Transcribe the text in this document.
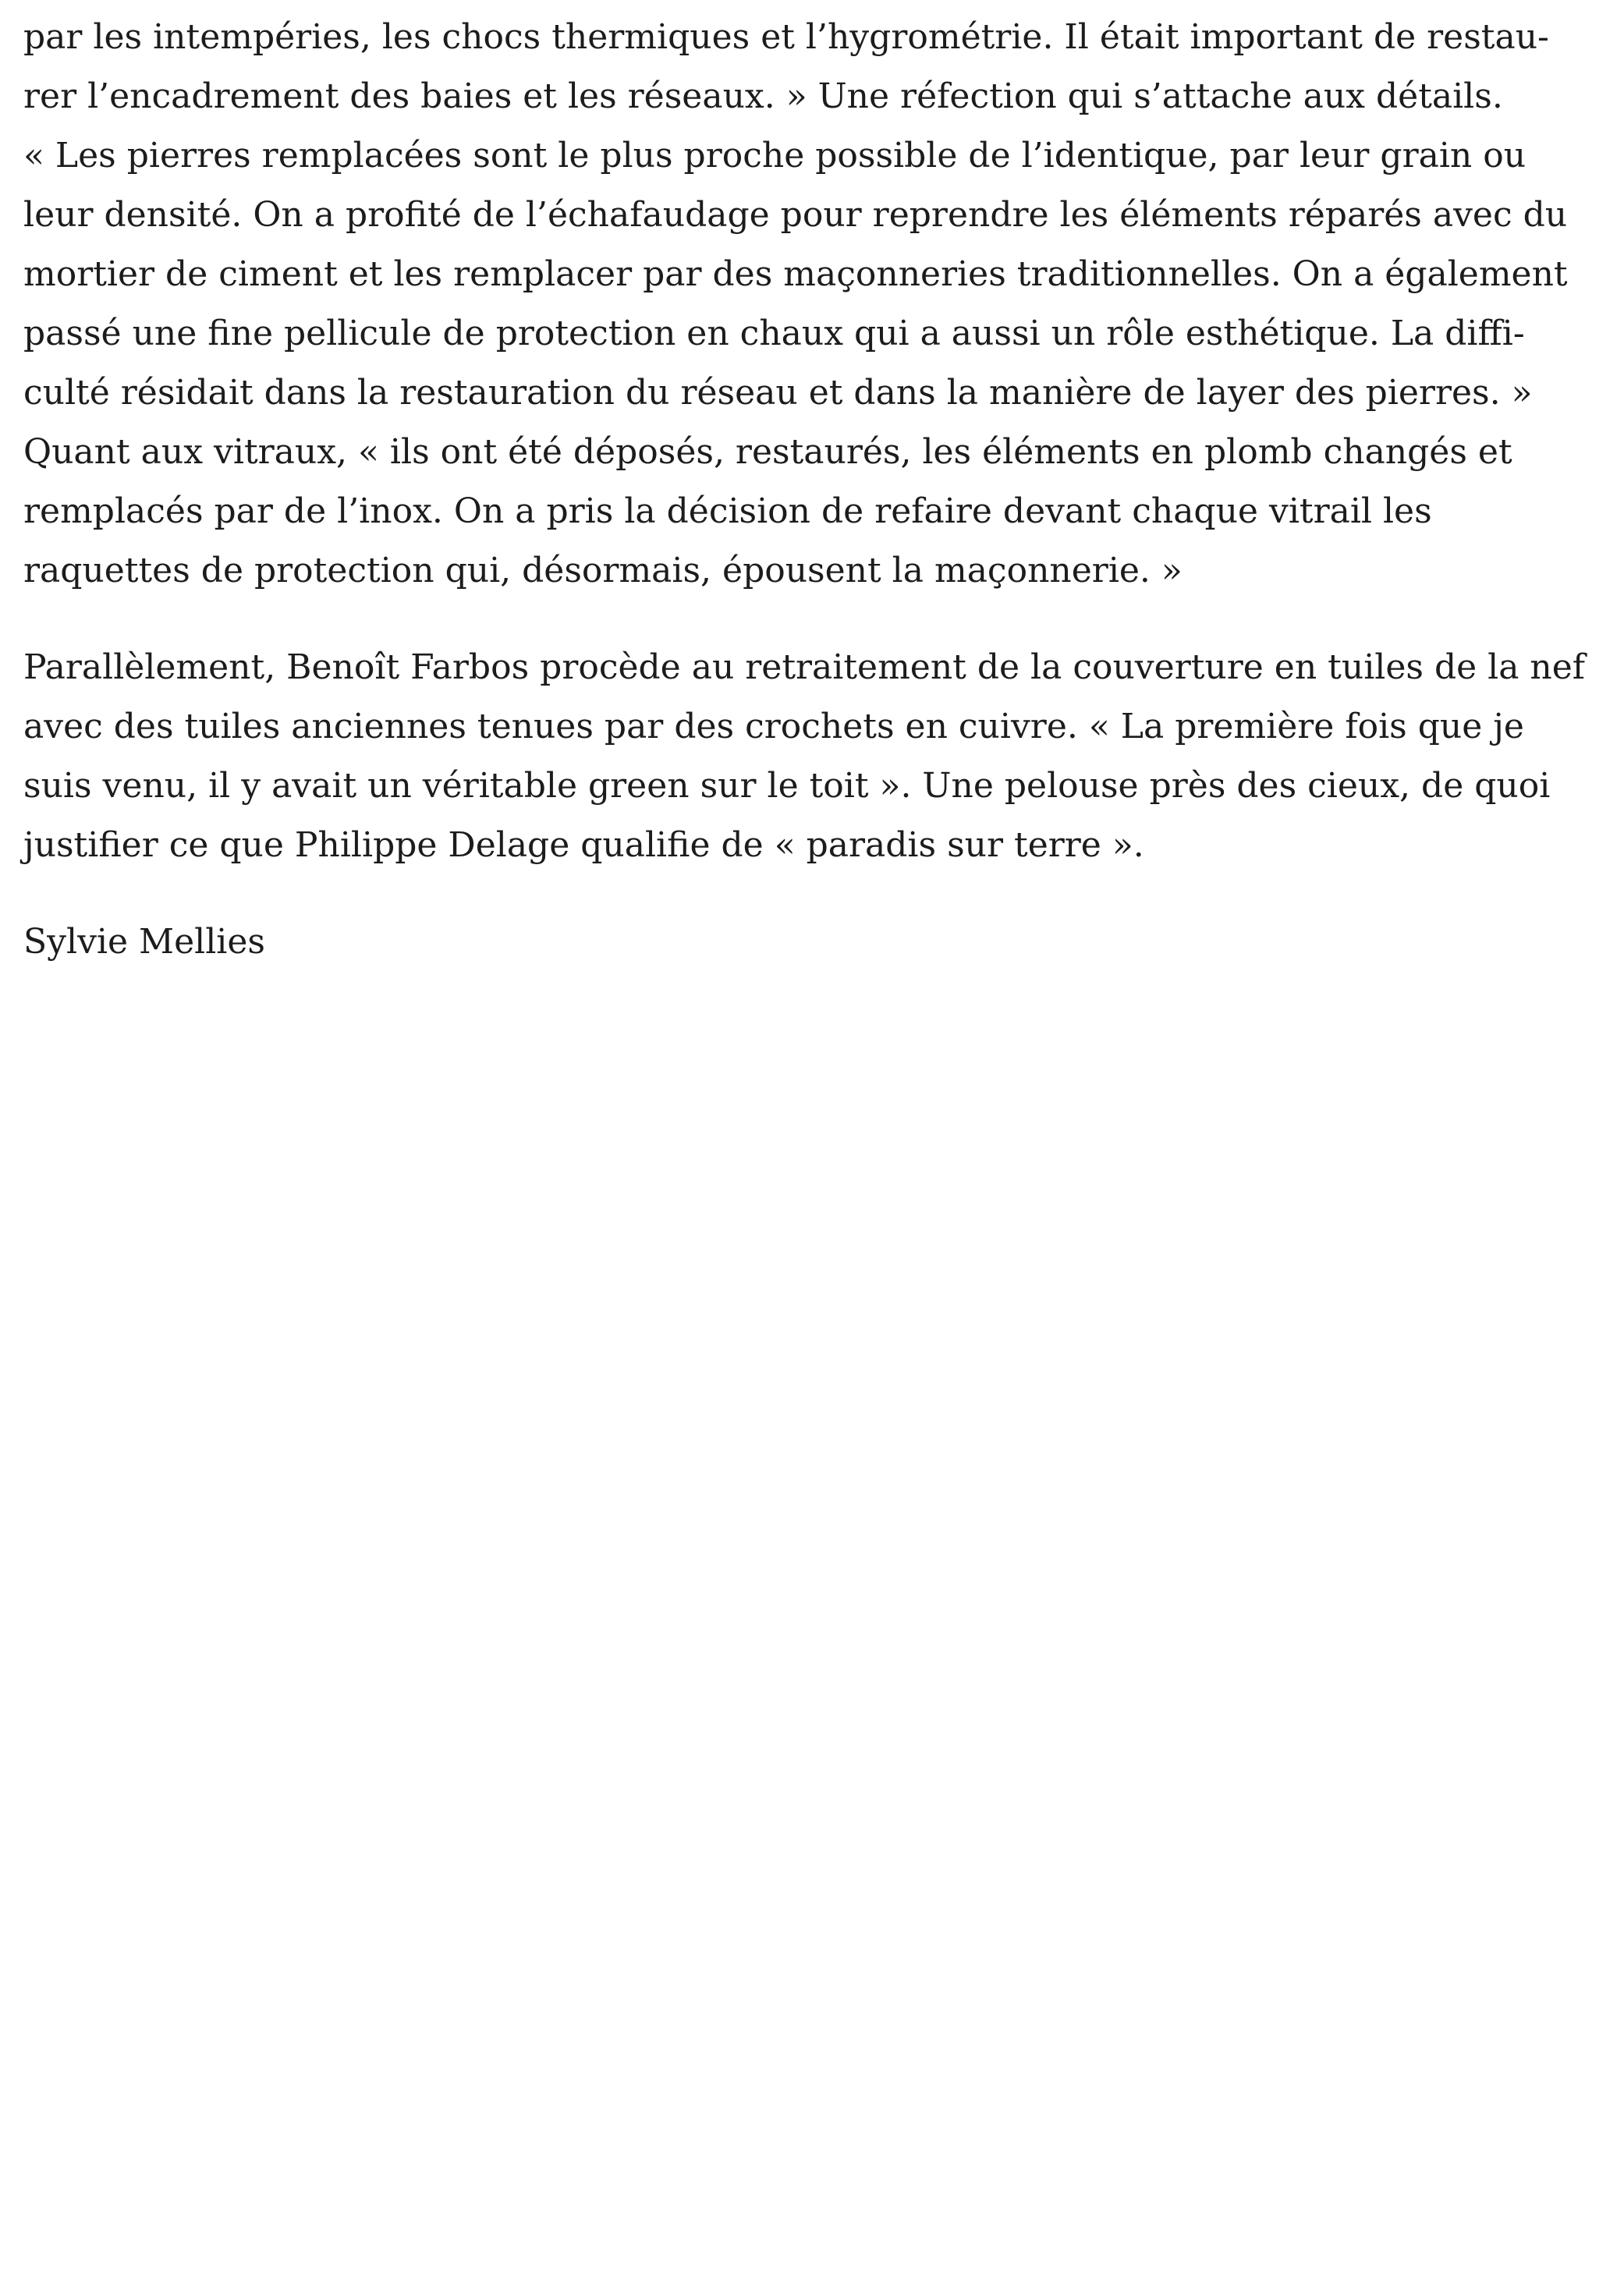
par les intempéries, les chocs thermiques et l’hygrométrie. Il était important de restau-
rer l’encadrement des baies et les réseaux. » Une réfection qui s’attache aux détails.
« Les pierres remplacées sont le plus proche possible de l’identique, par leur grain ou
leur densité. On a profité de l’échafaudage pour reprendre les éléments réparés avec du
mortier de ciment et les remplacer par des maçonneries traditionnelles. On a également
passé une fine pellicule de protection en chaux qui a aussi un rôle esthétique. La diffi-
culté résidait dans la restauration du réseau et dans la manière de layer des pierres. »
Quant aux vitraux, « ils ont été déposés, restaurés, les éléments en plomb changés et
remplacés par de l’inox. On a pris la décision de refaire devant chaque vitrail les
raquettes de protection qui, désormais, épousent la maçonnerie. »

Parallèlement, Benoît Farbos procède au retraitement de la couverture en tuiles de la nef
avec des tuiles anciennes tenues par des crochets en cuivre. « La première fois que je
suis venu, il y avait un véritable green sur le toit ». Une pelouse près des cieux, de quoi
justifier ce que Philippe Delage qualifie de « paradis sur terre ».

Sylvie Mellies
